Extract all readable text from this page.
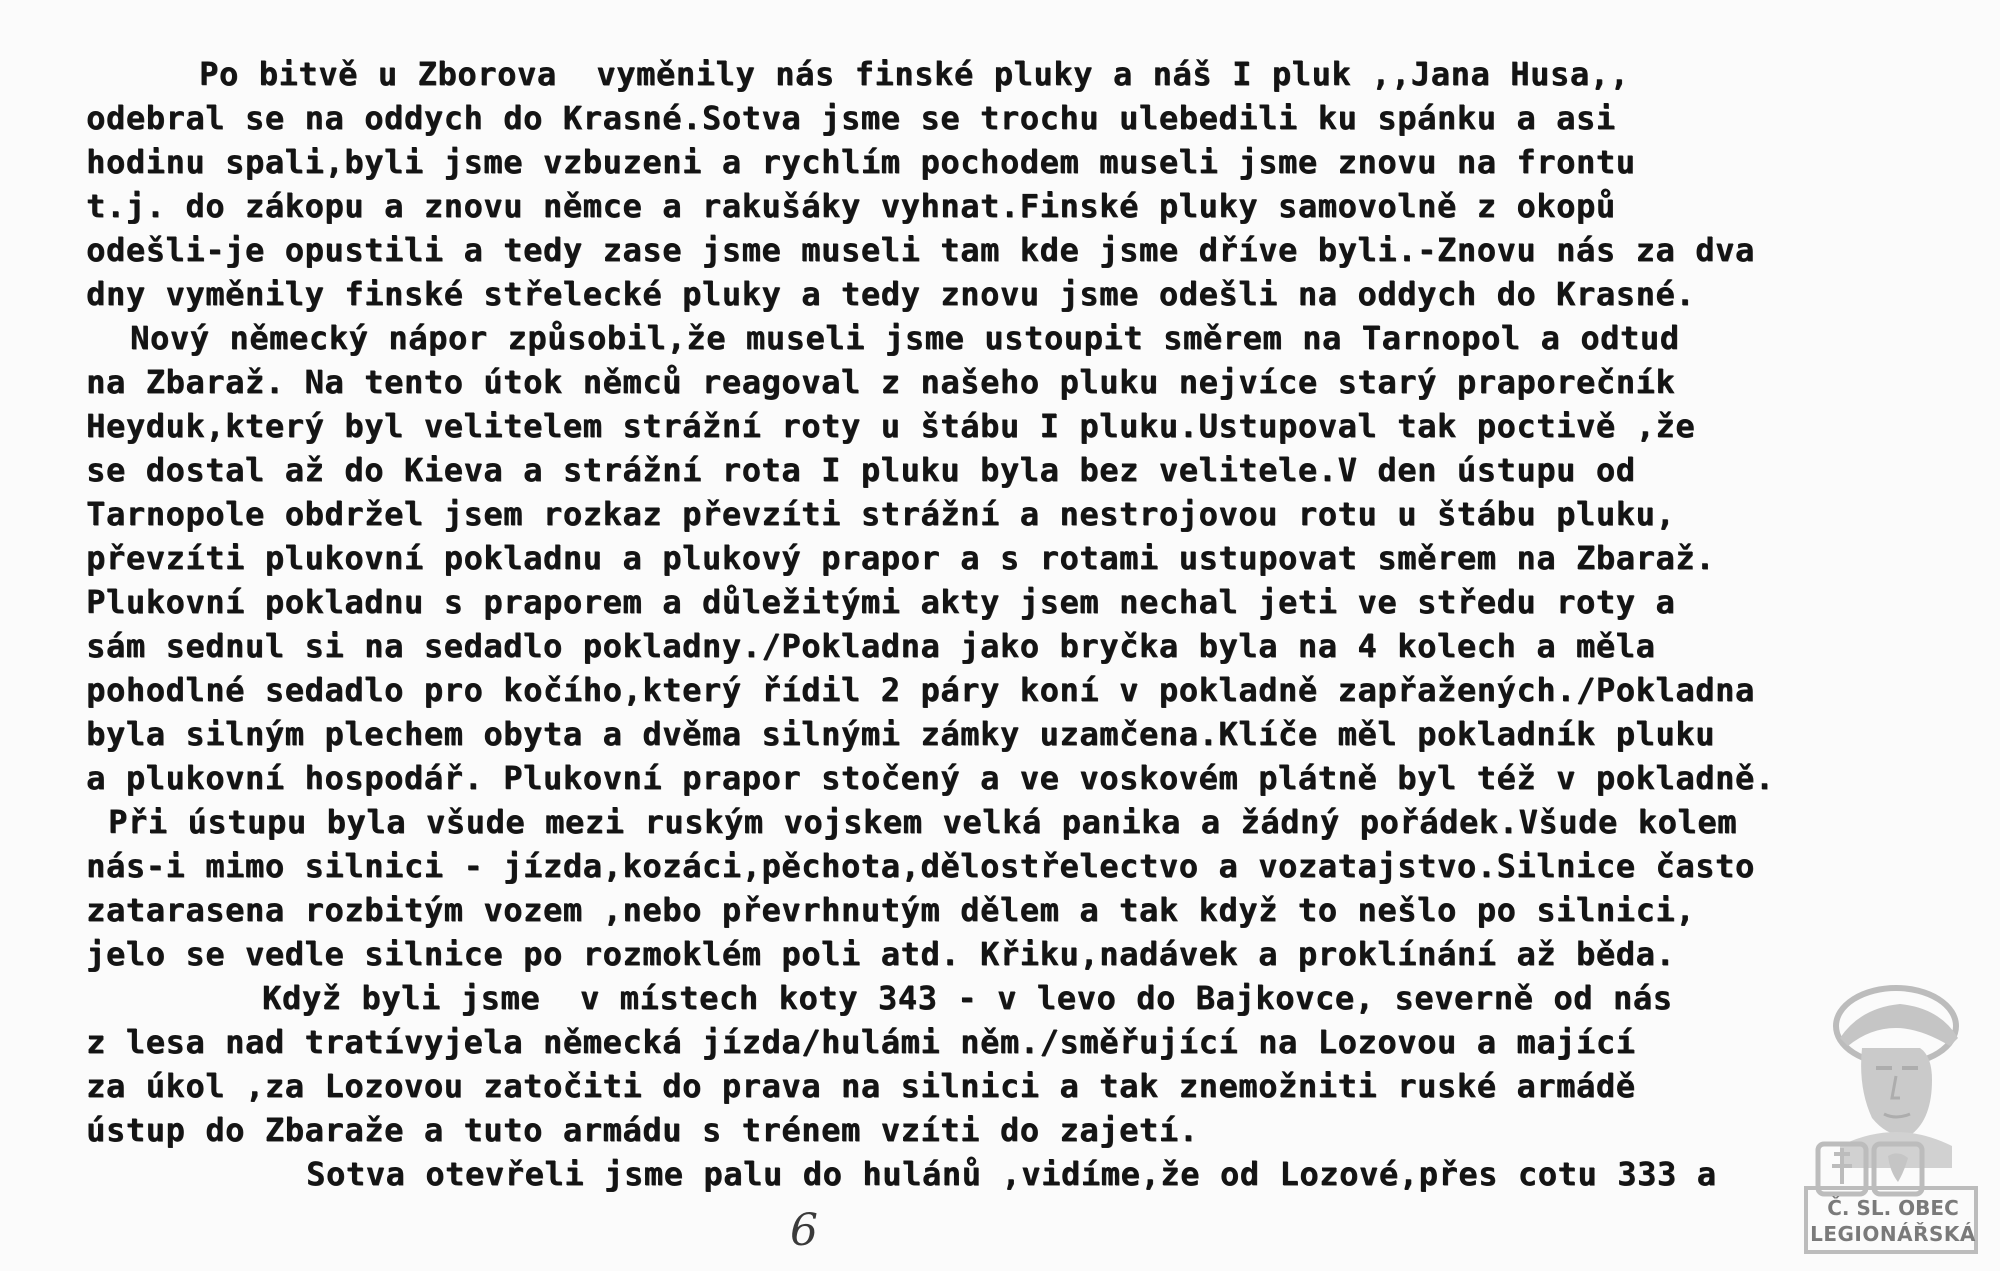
Po bitvě u Zborova  vyměnily nás finské pluky a náš I pluk ,,Jana Husa,,
odebral se na oddych do Krasné.Sotva jsme se trochu ulebedili ku spánku a asi
hodinu spali,byli jsme vzbuzeni a rychlím pochodem museli jsme znovu na frontu
t.j. do zákopu a znovu němce a rakušáky vyhnat.Finské pluky samovolně z okopů
odešli-je opustili a tedy zase jsme museli tam kde jsme dříve byli.-Znovu nás za dva
dny vyměnily finské střelecké pluky a tedy znovu jsme odešli na oddych do Krasné.
Nový německý nápor způsobil,že museli jsme ustoupit směrem na Tarnopol a odtud
na Zbaraž. Na tento útok němců reagoval z našeho pluku nejvíce starý praporečník
Heyduk,který byl velitelem strážní roty u štábu I pluku.Ustupoval tak poctivě ,že
se dostal až do Kieva a strážní rota I pluku byla bez velitele.V den ústupu od
Tarnopole obdržel jsem rozkaz převzíti strážní a nestrojovou rotu u štábu pluku,
převzíti plukovní pokladnu a plukový prapor a s rotami ustupovat směrem na Zbaraž.
Plukovní pokladnu s praporem a důležitými akty jsem nechal jeti ve středu roty a
sám sednul si na sedadlo pokladny./Pokladna jako bryčka byla na 4 kolech a měla
pohodlné sedadlo pro kočího,který řídil 2 páry koní v pokladně zapřažených./Pokladna
byla silným plechem obyta a dvěma silnými zámky uzamčena.Klíče měl pokladník pluku
a plukovní hospodář. Plukovní prapor stočený a ve voskovém plátně byl též v pokladně.
Při ústupu byla všude mezi ruským vojskem velká panika a žádný pořádek.Všude kolem
nás-i mimo silnici - jízda,kozáci,pěchota,dělostřelectvo a vozatajstvo.Silnice často
zatarasena rozbitým vozem ,nebo převrhnutým dělem a tak když to nešlo po silnici,
jelo se vedle silnice po rozmoklém poli atd. Křiku,nadávek a proklínání až běda.
Když byli jsme  v místech koty 343 - v levo do Bajkovce, severně od nás
z lesa nad tratívyjela německá jízda/hulámi něm./směřující na Lozovou a mající
za úkol ,za Lozovou zatočiti do prava na silnici a tak znemožniti ruské armádě
ústup do Zbaraže a tuto armádu s trénem vzíti do zajetí.
Sotva otevřeli jsme palu do hulánů ,vidíme,že od Lozové,přes cotu 333 a
6	Č. SL. OBEC
LEGIONÁŘSKÁ
